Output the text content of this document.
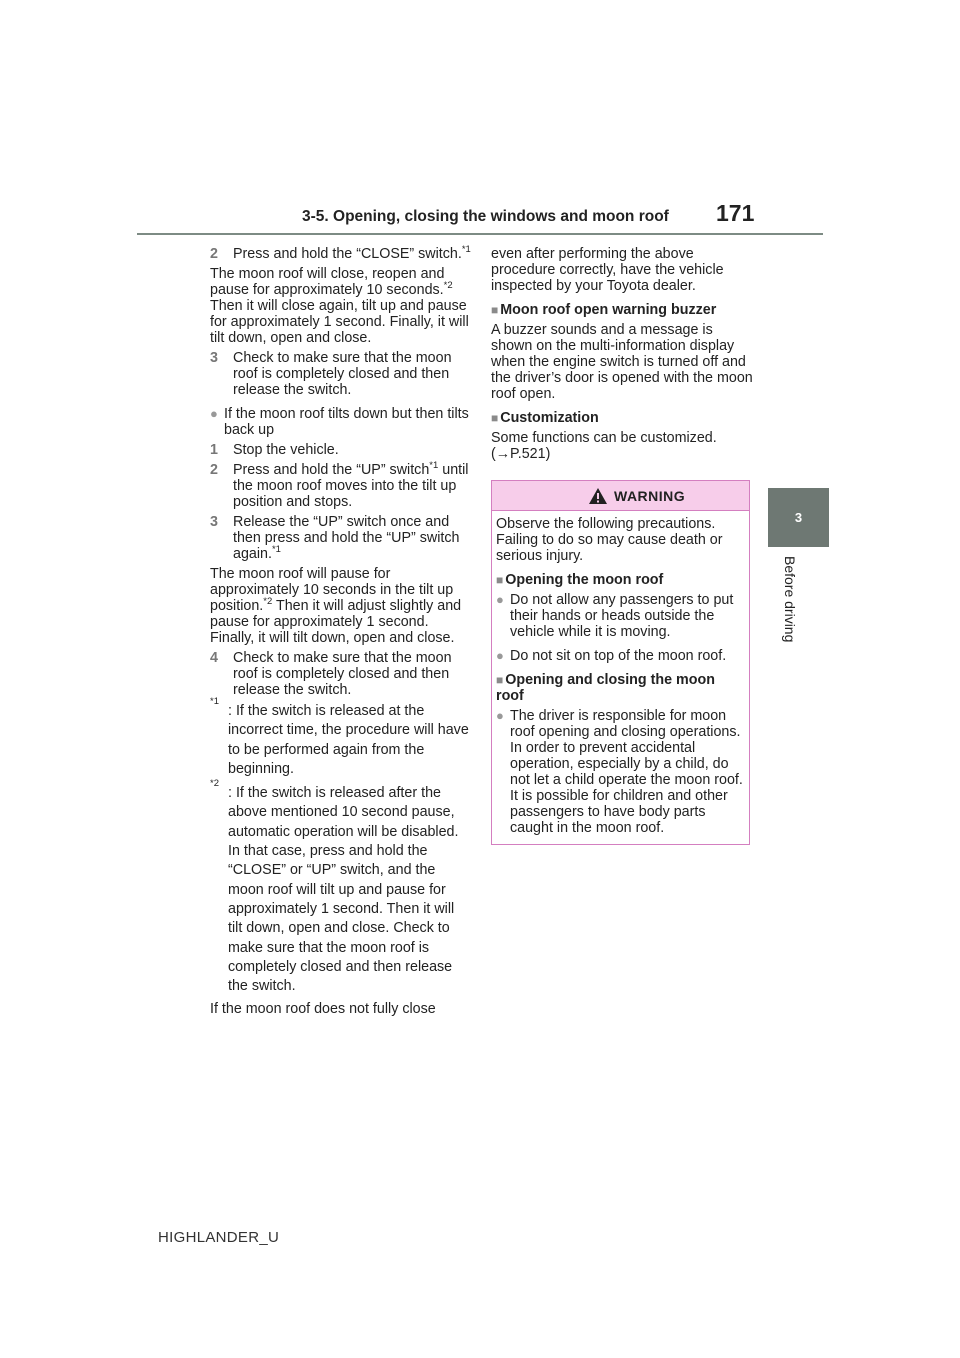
3-5. Opening, closing the windows and moon roof 171
3
Before driving

2 Press and hold the “CLOSE” switch.$^{*1}$

The moon roof will close, reopen and pause for approximately 10 seconds.$^{*2}$ Then it will close again, tilt up and pause for approximately 1 second. Finally, it will tilt down, open and close.

3 Check to make sure that the moon roof is completely closed and then release the switch.

● If the moon roof tilts down but then tilts back up

1 Stop the vehicle.

2 Press and hold the “UP” switch$^{*1}$ until the moon roof moves into the tilt up position and stops.

3 Release the “UP” switch once and then press and hold the “UP” switch again.$^{*1}$

The moon roof will pause for approximately 10 seconds in the tilt up position.$^{*2}$ Then it will adjust slightly and pause for approximately 1 second. Finally, it will tilt down, open and close.

4 Check to make sure that the moon roof is completely closed and then release the switch.

*1
: If the switch is released at the incorrect time, the procedure will have to be performed again from the beginning.

*2
: If the switch is released after the above mentioned 10 second pause, automatic operation will be disabled. In that case, press and hold the “CLOSE” or “UP” switch, and the moon roof will tilt up and pause for approximately 1 second. Then it will tilt down, open and close. Check to make sure that the moon roof is completely closed and then release the switch.

If the moon roof does not fully close

even after performing the above procedure correctly, have the vehicle inspected by your Toyota dealer.

■ Moon roof open warning buzzer

A buzzer sounds and a message is shown on the multi-information display when the engine switch is turned off and the driver’s door is opened with the moon roof open.

■ Customization

Some functions can be customized. (→P.521)

WARNING

Observe the following precautions.

Failing to do so may cause death or serious injury.

■ Opening the moon roof

● Do not allow any passengers to put their hands or heads outside the vehicle while it is moving.

● Do not sit on top of the moon roof.

■ Opening and closing the moon roof

● The driver is responsible for moon roof opening and closing operations.

In order to prevent accidental operation, especially by a child, do not let a child operate the moon roof. It is possible for children and other passengers to have body parts caught in the moon roof.

HIGHLANDER_U
